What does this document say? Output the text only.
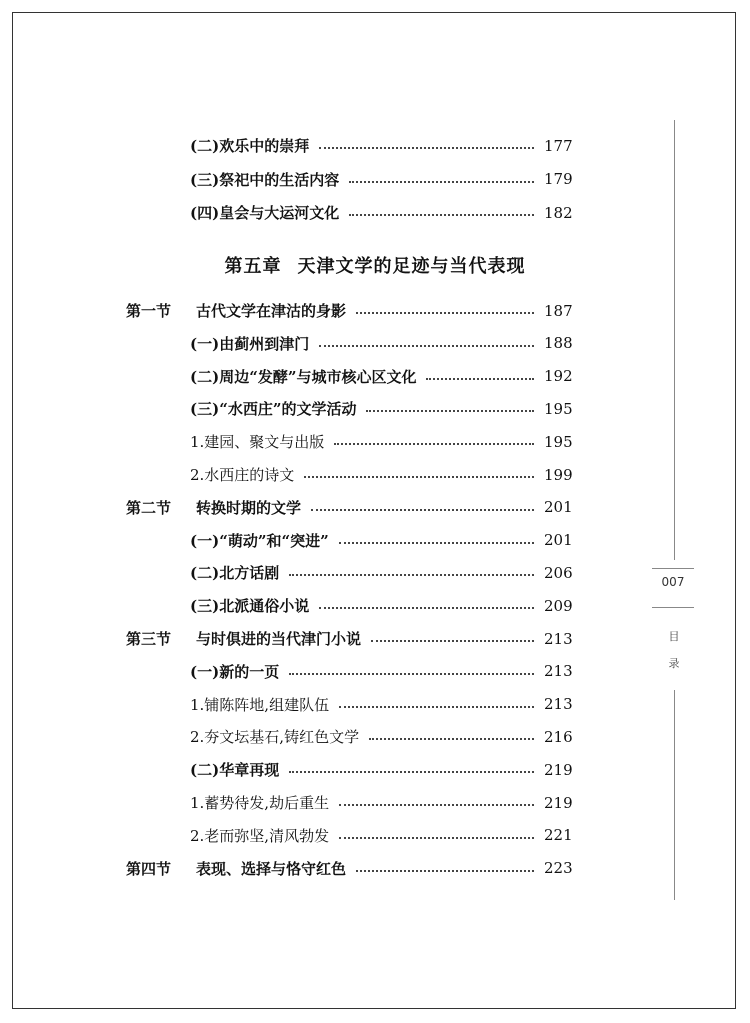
(二)欢乐中的崇拜	177
(三)祭祀中的生活内容	179
(四)皇会与大运河文化	182
第五章 天津文学的足迹与当代表现
第一节 古代文学在津沽的身影	187
(一)由蓟州到津门	188
(二)周边“发酵”与城市核心区文化	192
(三)“水西庄”的文学活动	195
1.建园、聚文与出版	195
2.水西庄的诗文	199
第二节 转换时期的文学	201
(一)“萌动”和“突进”	201
(二)北方话剧	206
(三)北派通俗小说	209
第三节 与时俱进的当代津门小说	213
(一)新的一页	213
1.铺陈阵地,组建队伍	213
2.夯文坛基石,铸红色文学	216
(二)华章再现	219
1.蓄势待发,劫后重生	219
2.老而弥坚,清风勃发	221
第四节 表现、选择与恪守红色	223
007
目
录
